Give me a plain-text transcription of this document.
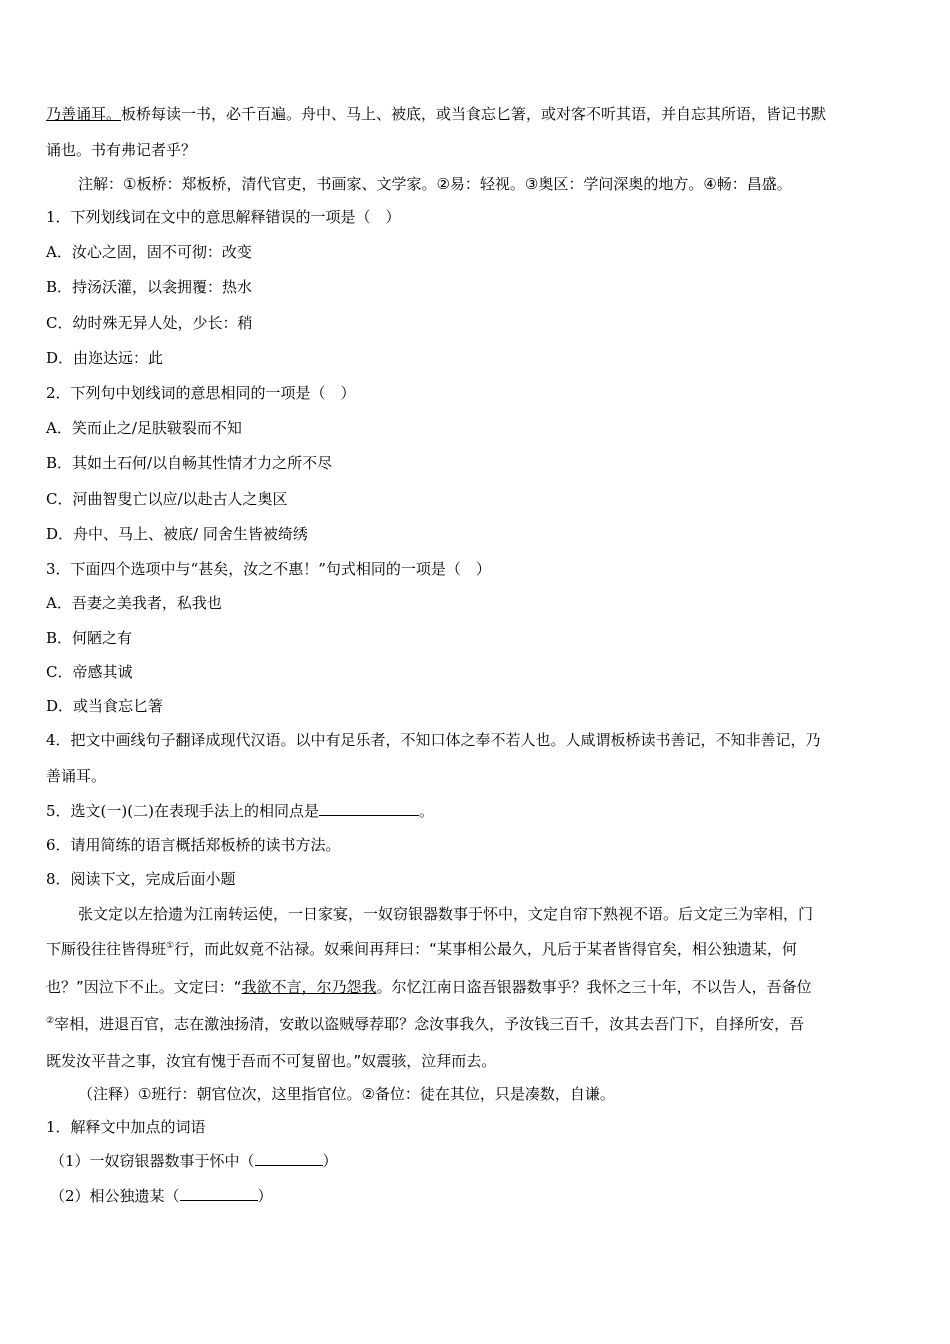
乃善诵耳。板桥每读一书，必千百遍。舟中、马上、被底，或当食忘匕箸，或对客不听其语，并自忘其所语，皆记书默
诵也。书有弗记者乎？
注解：①板桥：郑板桥，清代官吏，书画家、文学家。②易：轻视。③奥区：学问深奥的地方。④畅：昌盛。
1．下列划线词在文中的意思解释错误的一项是（　）
A．汝心之固，固不可彻：改变
B．持汤沃灌，以衾拥覆：热水
C．幼时殊无异人处，少长：稍
D．由迩达远：此
2．下列句中划线词的意思相同的一项是（　）
A．笑而止之/足肤皲裂而不知
B．其如土石何/以自畅其性情才力之所不尽
C．河曲智叟亡以应/以赴古人之奥区
D．舟中、马上、被底/ 同舍生皆被绮绣
3．下面四个选项中与“甚矣，汝之不惠！”句式相同的一项是（　）
A．吾妻之美我者，私我也
B．何陋之有
C．帝感其诚
D．或当食忘匕箸
4．把文中画线句子翻译成现代汉语。以中有足乐者，不知口体之奉不若人也。人咸谓板桥读书善记，不知非善记，乃
善诵耳。
5．选文(一)(二)在表现手法上的相同点是	。
6．请用简练的语言概括郑板桥的读书方法。
8．阅读下文，完成后面小题
张文定以左拾遗为江南转运使，一日家宴，一奴窃银器数事于怀中，文定自帘下熟视不语。后文定三为宰相，门
下厮役往往皆得班①行，而此奴竟不沾禄。奴乘间再拜曰：“某事相公最久，凡后于某者皆得官矣，相公独遗某，何
也？”因泣下不止。文定曰：“我欲不言，尔乃怨我。尔忆江南日盗吾银器数事乎？我怀之三十年，不以告人，吾备位
②宰相，进退百官，志在激浊扬清，安敢以盗贼辱荐耶？念汝事我久，予汝钱三百千，汝其去吾门下，自择所安，吾
既发汝平昔之事，汝宜有愧于吾而不可复留也。”奴震骇，泣拜而去。
（注释）①班行：朝官位次，这里指官位。②备位：徒在其位，只是凑数，自谦。
1．解释文中加点的词语
（1）一奴窃银器数事于怀中（	）
（2）相公独遗某（	）
